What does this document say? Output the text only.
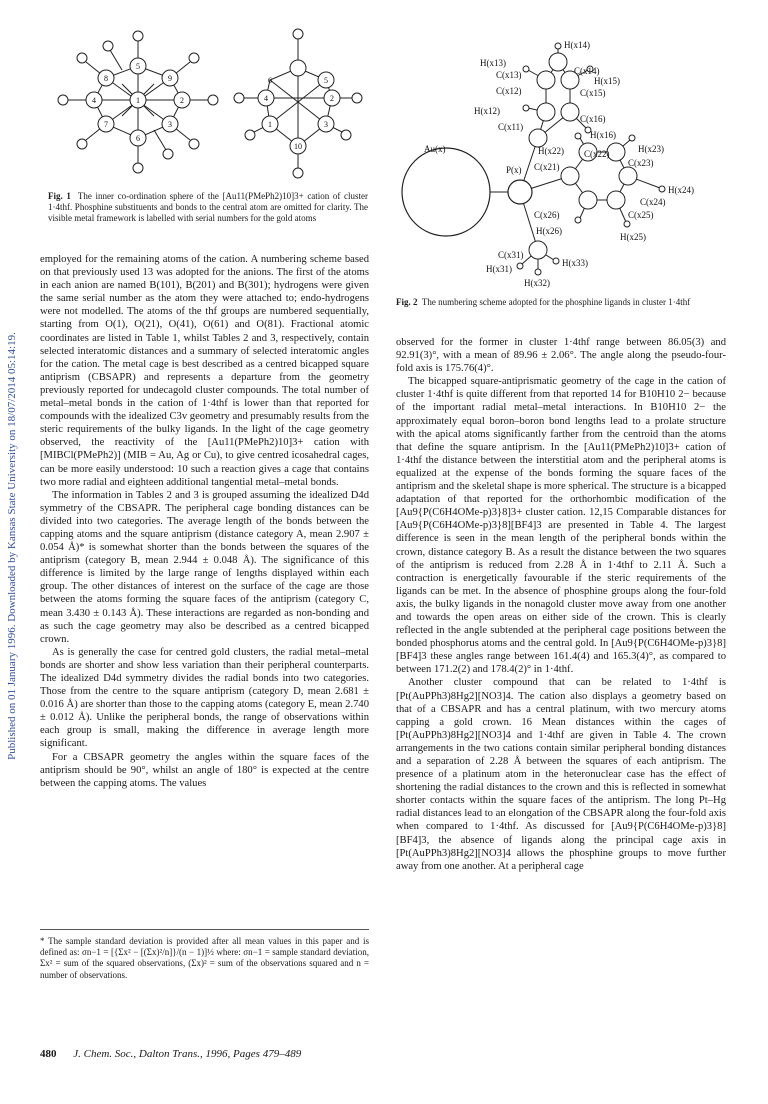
Published on 01 January 1996. Downloaded by Kansas State University on 18/07/2014 05:14:19.
1	2
3
4
5
6
7
8	9
1
2
3
4
5
6
10
Fig. 1 The inner co-ordination sphere of the [Au11(PMePh2)10]3+ cation of cluster 1·4thf. Phosphine substituents and bonds to the central atom are omitted for clarity. The visible metal framework is labelled with serial numbers for the gold atoms
Au(x)
P(x)
H(x14)
H(x13)
C(x13)	C(x14)
H(x15)
C(x12)	C(x15)
H(x12)
C(x16)
C(x11)
H(x16)
H(x22) C(x22)	H(x23)
C(x23)
C(x21)
H(x24)
C(x24)
C(x26)	C(x25)
H(x26)
H(x25)
C(x31)
H(x33)
H(x31)
H(x32)
Fig. 2 The numbering scheme adopted for the phosphine ligands in cluster 1·4thf

employed for the remaining atoms of the cation. A numbering scheme based on that previously used 13 was adopted for the anions. The first of the atoms in each anion are named B(101), B(201) and B(301); hydrogens were given the same serial number as the atom they were attached to; endo-hydrogens were not modelled. The atoms of the thf groups are numbered sequentially, starting from O(1), O(21), O(41), O(61) and O(81). Fractional atomic coordinates are listed in Table 1, whilst Tables 2 and 3, respectively, contain selected interatomic distances and a summary of selected interatomic angles for the cation. The metal cage is best described as a centred bicapped square antiprism (CBSAPR) and represents a departure from the geometry previously reported for undecagold cluster compounds. The total number of metal–metal bonds in the cation of 1·4thf is lower than that reported for compounds with the idealized C3v geometry and presumably results from the steric requirements of the bulky ligands. In the light of the cage geometry observed, the reactivity of the [Au11(PMePh2)10]3+ cation with [MIBCl(PMePh2)] (MIB = Au, Ag or Cu), to give centred icosahedral cages, can be more easily understood: 10 such a reaction gives a cage that contains two more radial and eighteen additional tangential metal–metal bonds.

The information in Tables 2 and 3 is grouped assuming the idealized D4d symmetry of the CBSAPR. The peripheral cage bonding distances can be divided into two categories. The average length of the bonds between the capping atoms and the square antiprism (distance category A, mean 2.907 ± 0.054 Å)* is somewhat shorter than the bonds between the squares of the antiprism (category B, mean 2.944 ± 0.048 Å). The significance of this difference is limited by the large range of lengths displayed within each group. The other distances of interest on the surface of the cage are those between the atoms forming the square faces of the antiprism (category C, mean 3.430 ± 0.143 Å). These interactions are regarded as non-bonding and as such the cage geometry may also be described as a centred bicapped crown.

As is generally the case for centred gold clusters, the radial metal–metal bonds are shorter and show less variation than their peripheral counterparts. The idealized D4d symmetry divides the radial bonds into two categories. Those from the centre to the square antiprism (category D, mean 2.681 ± 0.016 Å) are shorter than those to the capping atoms (category E, mean 2.740 ± 0.012 Å). Unlike the peripheral bonds, the range of observations within each group is small, making the difference in average length more significant.

For a CBSAPR geometry the angles within the square faces of the antiprism should be 90°, whilst an angle of 180° is expected at the centre between the capping atoms. The values

* The sample standard deviation is provided after all mean values in this paper and is defined as: σn−1 = [{Σx² − [(Σx)²/n]}/(n − 1)]½ where: σn−1 = sample standard deviation, Σx² = sum of the squared observations, (Σx)² = sum of the observations squared and n = number of observations.

observed for the former in cluster 1·4thf range between 86.05(3) and 92.91(3)°, with a mean of 89.96 ± 2.06°. The angle along the pseudo-four-fold axis is 175.76(4)°.

The bicapped square-antiprismatic geometry of the cage in the cation of cluster 1·4thf is quite different from that reported 14 for B10H10 2− because of the important radial metal–metal interactions. In B10H10 2− the approximately equal boron–boron bond lengths lead to a prolate structure with the apical atoms significantly farther from the centroid than the atoms that define the square antiprism. In the [Au11(PMePh2)10]3+ cation of 1·4thf the distance between the interstitial atom and the peripheral atoms is equalized at the expense of the bonds forming the square faces of the antiprism and the skeletal shape is more spherical. The structure is a bicapped adaptation of that reported for the orthorhombic modification of the [Au9{P(C6H4OMe-p)3}8]3+ cluster cation. 12,15 Comparable distances for [Au9{P(C6H4OMe-p)3}8][BF4]3 are presented in Table 4. The largest difference is seen in the mean length of the peripheral bonds within the crown, distance category B. As a result the distance between the two squares of the antiprism is reduced from 2.28 Å in 1·4thf to 2.11 Å. Such a contraction is energetically favourable if the steric requirements of the ligands can be met. In the absence of phosphine groups along the four-fold axis, the bulky ligands in the nonagold cluster move away from one another and towards the open areas on either side of the crown. This is clearly reflected in the angle subtended at the peripheral cage positions between the bonded phosphorus atoms and the central gold. In [Au9{P(C6H4OMe-p)3}8][BF4]3 these angles range between 161.4(4) and 165.3(4)°, as compared to between 171.2(2) and 178.4(2)° in 1·4thf.

Another cluster compound that can be related to 1·4thf is [Pt(AuPPh3)8Hg2][NO3]4. The cation also displays a geometry based on that of a CBSAPR and has a central platinum, with two mercury atoms capping a gold crown. 16 Mean distances within the cages of [Pt(AuPPh3)8Hg2][NO3]4 and 1·4thf are given in Table 4. The crown arrangements in the two cations contain similar peripheral bonding distances and a separation of 2.28 Å between the squares of each antiprism. The presence of a platinum atom in the heteronuclear case has the effect of shortening the radial distances to the crown and this is reflected in somewhat shorter contacts within the square faces of the antiprism. The long Pt–Hg radial distances lead to an elongation of the CBSAPR along the four-fold axis when compared to 1·4thf. As discussed for [Au9{P(C6H4OMe-p)3}8][BF4]3, the absence of ligands along the principal cage axis in [Pt(AuPPh3)8Hg2][NO3]4 allows the phosphine groups to move further away from one another. At a peripheral cage

480 J. Chem. Soc., Dalton Trans., 1996, Pages 479–489
